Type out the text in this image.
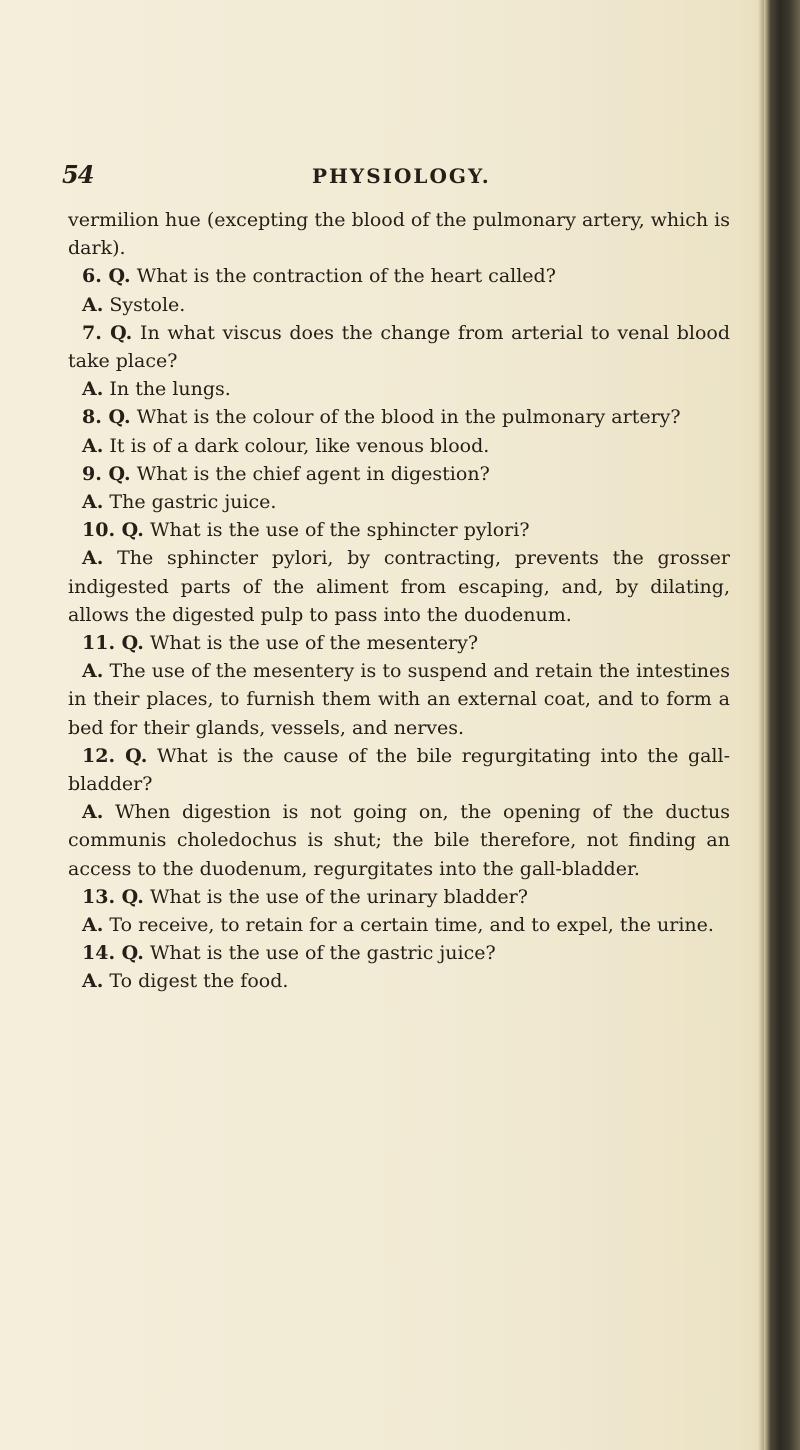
54	PHYSIOLOGY.

vermilion hue (excepting the blood of the pulmonary artery, which is dark).

6. Q. What is the contraction of the heart called?

A. Systole.

7. Q. In what viscus does the change from arterial to venal blood take place?

A. In the lungs.

8. Q. What is the colour of the blood in the pulmonary artery?

A. It is of a dark colour, like venous blood.

9. Q. What is the chief agent in digestion?

A. The gastric juice.

10. Q. What is the use of the sphincter pylori?

A. The sphincter pylori, by contracting, prevents the grosser indigested parts of the aliment from escaping, and, by dilating, allows the digested pulp to pass into the duodenum.

11. Q. What is the use of the mesentery?

A. The use of the mesentery is to suspend and retain the intestines in their places, to furnish them with an external coat, and to form a bed for their glands, vessels, and nerves.

12. Q. What is the cause of the bile regurgitating into the gall-bladder?

A. When digestion is not going on, the opening of the ductus communis choledochus is shut; the bile therefore, not finding an access to the duodenum, regurgitates into the gall-bladder.

13. Q. What is the use of the urinary bladder?

A. To receive, to retain for a certain time, and to expel, the urine.

14. Q. What is the use of the gastric juice?

A. To digest the food.
